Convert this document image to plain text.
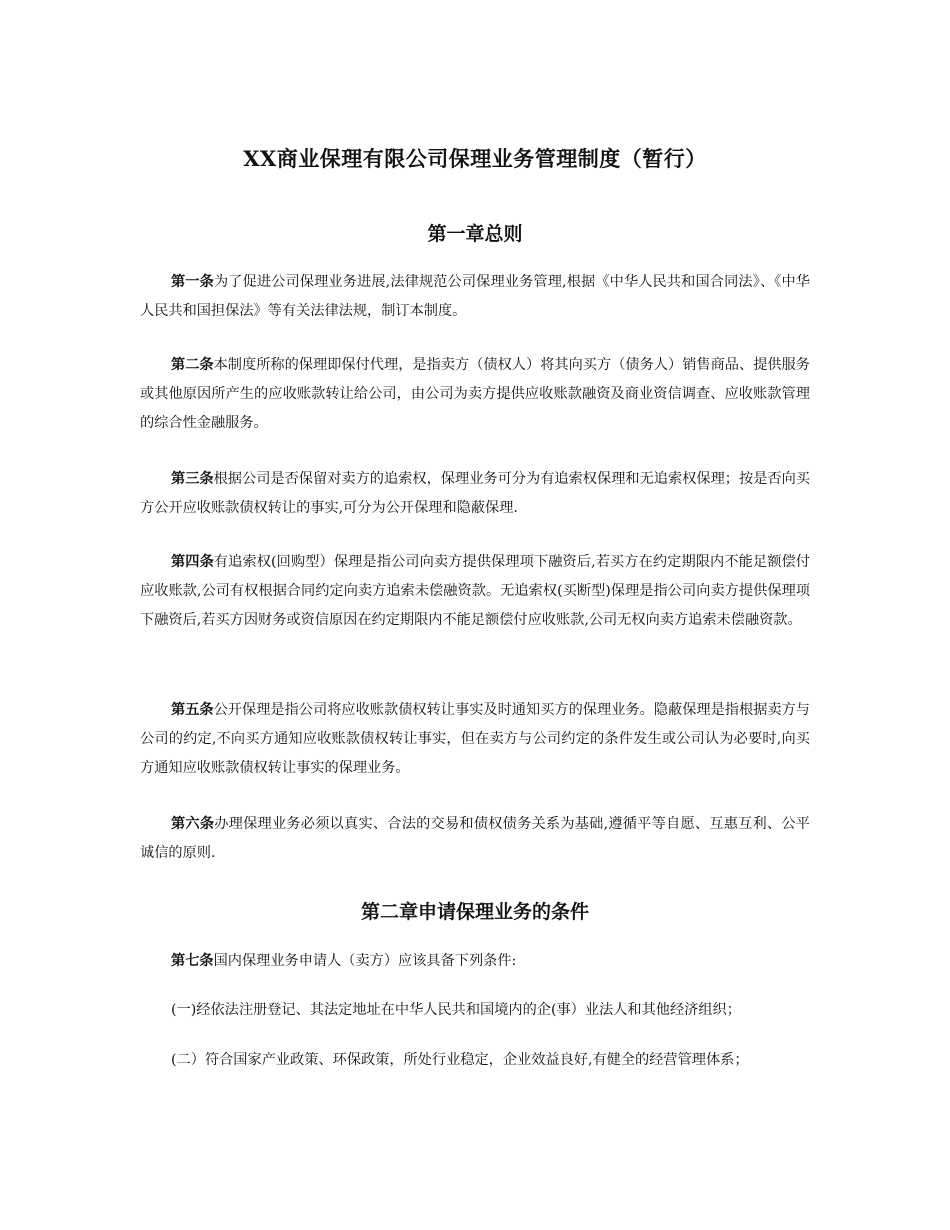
XX商业保理有限公司保理业务管理制度（暂行）
第一章总则

第一条为了促进公司保理业务进展,法律规范公司保理业务管理,根据《中华人民共和国合同法》、《中华人民共和国担保法》等有关法律法规，制订本制度。

第二条本制度所称的保理即保付代理，是指卖方（债权人）将其向买方（债务人）销售商品、提供服务或其他原因所产生的应收账款转让给公司，由公司为卖方提供应收账款融资及商业资信调查、应收账款管理的综合性金融服务。

第三条根据公司是否保留对卖方的追索权，保理业务可分为有追索权保理和无追索权保理；按是否向买方公开应收账款债权转让的事实,可分为公开保理和隐蔽保理.

第四条有追索权(回购型）保理是指公司向卖方提供保理项下融资后,若买方在约定期限内不能足额偿付应收账款,公司有权根据合同约定向卖方追索未偿融资款。无追索权(买断型)保理是指公司向卖方提供保理项下融资后,若买方因财务或资信原因在约定期限内不能足额偿付应收账款,公司无权向卖方追索未偿融资款。

第五条公开保理是指公司将应收账款债权转让事实及时通知买方的保理业务。隐蔽保理是指根据卖方与公司的约定,不向买方通知应收账款债权转让事实，但在卖方与公司约定的条件发生或公司认为必要时,向买方通知应收账款债权转让事实的保理业务。

第六条办理保理业务必须以真实、合法的交易和债权债务关系为基础,遵循平等自愿、互惠互利、公平诚信的原则.

第二章申请保理业务的条件

第七条国内保理业务申请人（卖方）应该具备下列条件:

(一)经依法注册登记、其法定地址在中华人民共和国境内的企(事）业法人和其他经济组织；

(二）符合国家产业政策、环保政策，所处行业稳定，企业效益良好,有健全的经营管理体系；
